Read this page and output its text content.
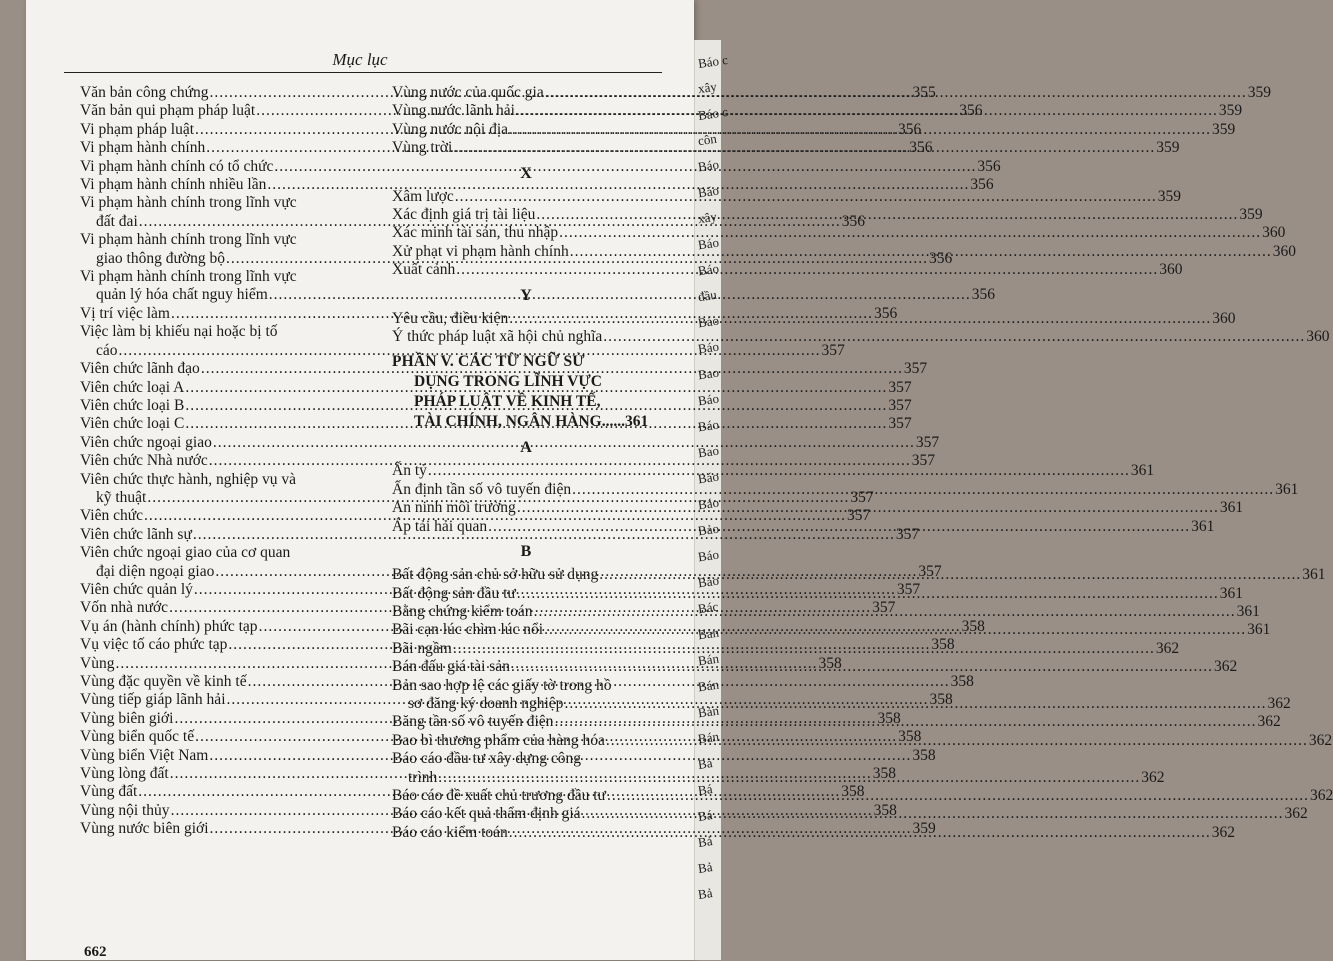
Báo c
xây
Báo c
côn
Báo
Báo
xây
Báo
Báo
đầu
Báo
Báo
Bao
Báo
Báo
Bao
Báo
Báo
Bảo
Báo
Bảo
Bác
Bản
Bán
Bán
Bản
Bán
Bả
Bá
Bá
Bả
Bả
Bả
Mục lục
Văn bản công chứng .....	355
Văn bản qui phạm pháp luật .....	356
Vi phạm pháp luật .....	356
Vi phạm hành chính .....	356
Vi phạm hành chính có tổ chức .....	356
Vi phạm hành chính nhiều lần .....	356
Vi phạm hành chính trong lĩnh vực
đất đai .....	356
Vi phạm hành chính trong lĩnh vực
giao thông đường bộ .....	356
Vi phạm hành chính trong lĩnh vực
quản lý hóa chất nguy hiểm .....	356
Vị trí việc làm .....	356
Việc làm bị khiếu nại hoặc bị tố
cáo .....	357
Viên chức lãnh đạo .....	357
Viên chức loại A .....	357
Viên chức loại B .....	357
Viên chức loại C .....	357
Viên chức ngoại giao .....	357
Viên chức Nhà nước .....	357
Viên chức thực hành, nghiệp vụ và
kỹ thuật .....	357
Viên chức .....	357
Viên chức lãnh sự .....	357
Viên chức ngoại giao của cơ quan
đại diện ngoại giao .....	357
Viên chức quản lý .....	357
Vốn nhà nước .....	357
Vụ án (hành chính) phức tạp .....	358
Vụ việc tố cáo phức tạp .....	358
Vùng .....	358
Vùng đặc quyền về kinh tế .....	358
Vùng tiếp giáp lãnh hải .....	358
Vùng biên giới .....	358
Vùng biển quốc tế .....	358
Vùng biển Việt Nam .....	358
Vùng lòng đất .....	358
Vùng đất .....	358
Vùng nội thủy .....	358
Vùng nước biên giới .....	359
Vùng nước của quốc gia .....	359
Vùng nước lãnh hải .....	359
Vùng nước nội địa .....	359
Vùng trời .....	359
X
Xâm lược .....	359
Xác định giá trị tài liệu .....	359
Xác minh tài sản, thu nhập .....	360
Xử phạt vi phạm hành chính .....	360
Xuất cảnh .....	360
Y
Yêu cầu, điều kiện .....	360
Ý thức pháp luật xã hội chủ nghĩa .....	360
PHẦN V. CÁC TỪ NGỮ SỬ
DỤNG TRONG LĨNH VỰC
PHÁP LUẬT VỀ KINH TẾ,
TÀI CHÍNH, NGÂN HÀNG......361
A
Ấn tỷ .....	361
Ấn định tần số vô tuyến điện .....	361
An ninh môi trường .....	361
Áp tải hải quan .....	361
B
Bất động sản chủ sở hữu sử dụng .....	361
Bất động sản đầu tư .....	361
Bằng chứng kiểm toán .....	361
Bãi cạn lúc chìm lúc nổi .....	361
Bãi ngầm .....	362
Bán đấu giá tài sản .....	362
Bản sao hợp lệ các giấy tờ trong hồ
sơ đăng ký doanh nghiệp .....	362
Băng tần số vô tuyến điện .....	362
Bao bì thương phẩm của hàng hóa .....	362
Báo cáo đầu tư xây dựng công
trình .....	362
Báo cáo đề xuất chủ trương đầu tư .....	362
Báo cáo kết quả thẩm định giá .....	362
Báo cáo kiểm toán .....	362
662
